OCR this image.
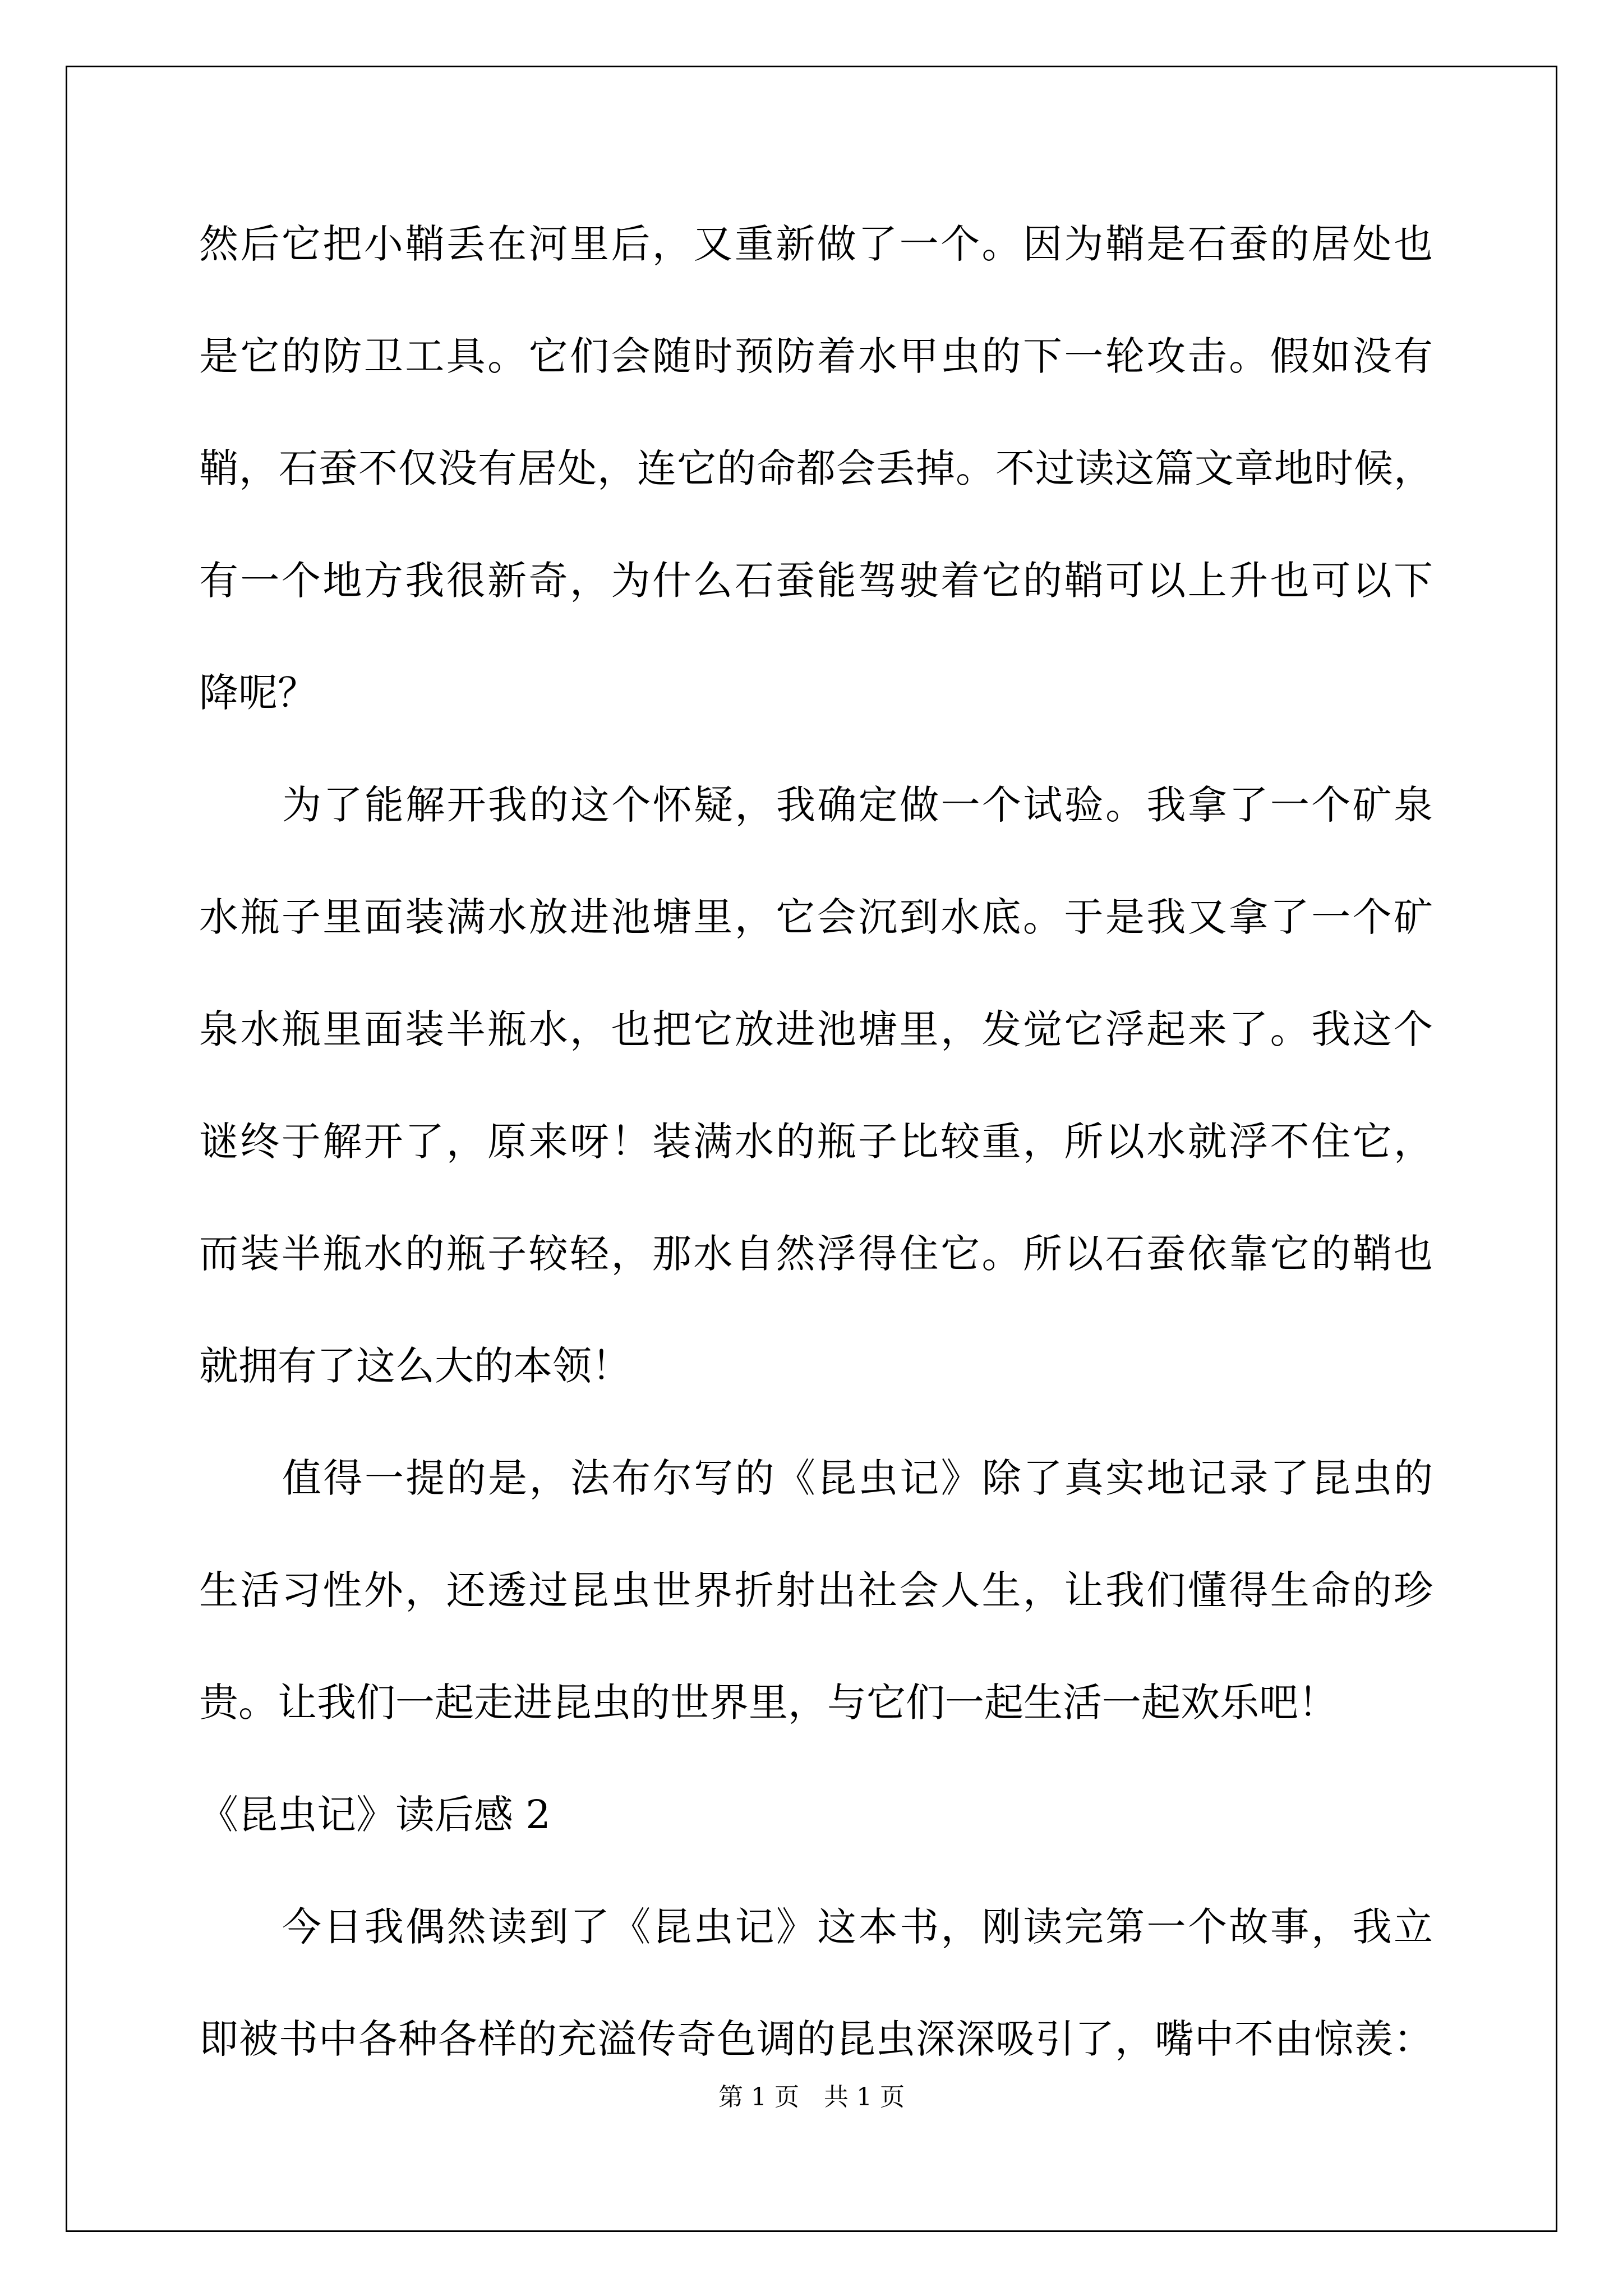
然后它把小鞘丢在河里后，又重新做了一个。因为鞘是石蚕的居处也
是它的防卫工具。它们会随时预防着水甲虫的下一轮攻击。假如没有
鞘，石蚕不仅没有居处，连它的命都会丢掉。不过读这篇文章地时候，
有一个地方我很新奇，为什么石蚕能驾驶着它的鞘可以上升也可以下
降呢？
为了能解开我的这个怀疑，我确定做一个试验。我拿了一个矿泉
水瓶子里面装满水放进池塘里，它会沉到水底。于是我又拿了一个矿
泉水瓶里面装半瓶水，也把它放进池塘里，发觉它浮起来了。我这个
谜终于解开了，原来呀！装满水的瓶子比较重，所以水就浮不住它，
而装半瓶水的瓶子较轻，那水自然浮得住它。所以石蚕依靠它的鞘也
就拥有了这么大的本领！
值得一提的是，法布尔写的《昆虫记》除了真实地记录了昆虫的
生活习性外，还透过昆虫世界折射出社会人生，让我们懂得生命的珍
贵。让我们一起走进昆虫的世界里，与它们一起生活一起欢乐吧！
《昆虫记》读后感 2
今日我偶然读到了《昆虫记》这本书，刚读完第一个故事，我立
即被书中各种各样的充溢传奇色调的昆虫深深吸引了，嘴中不由惊羡：
第 1 页　共 1 页
